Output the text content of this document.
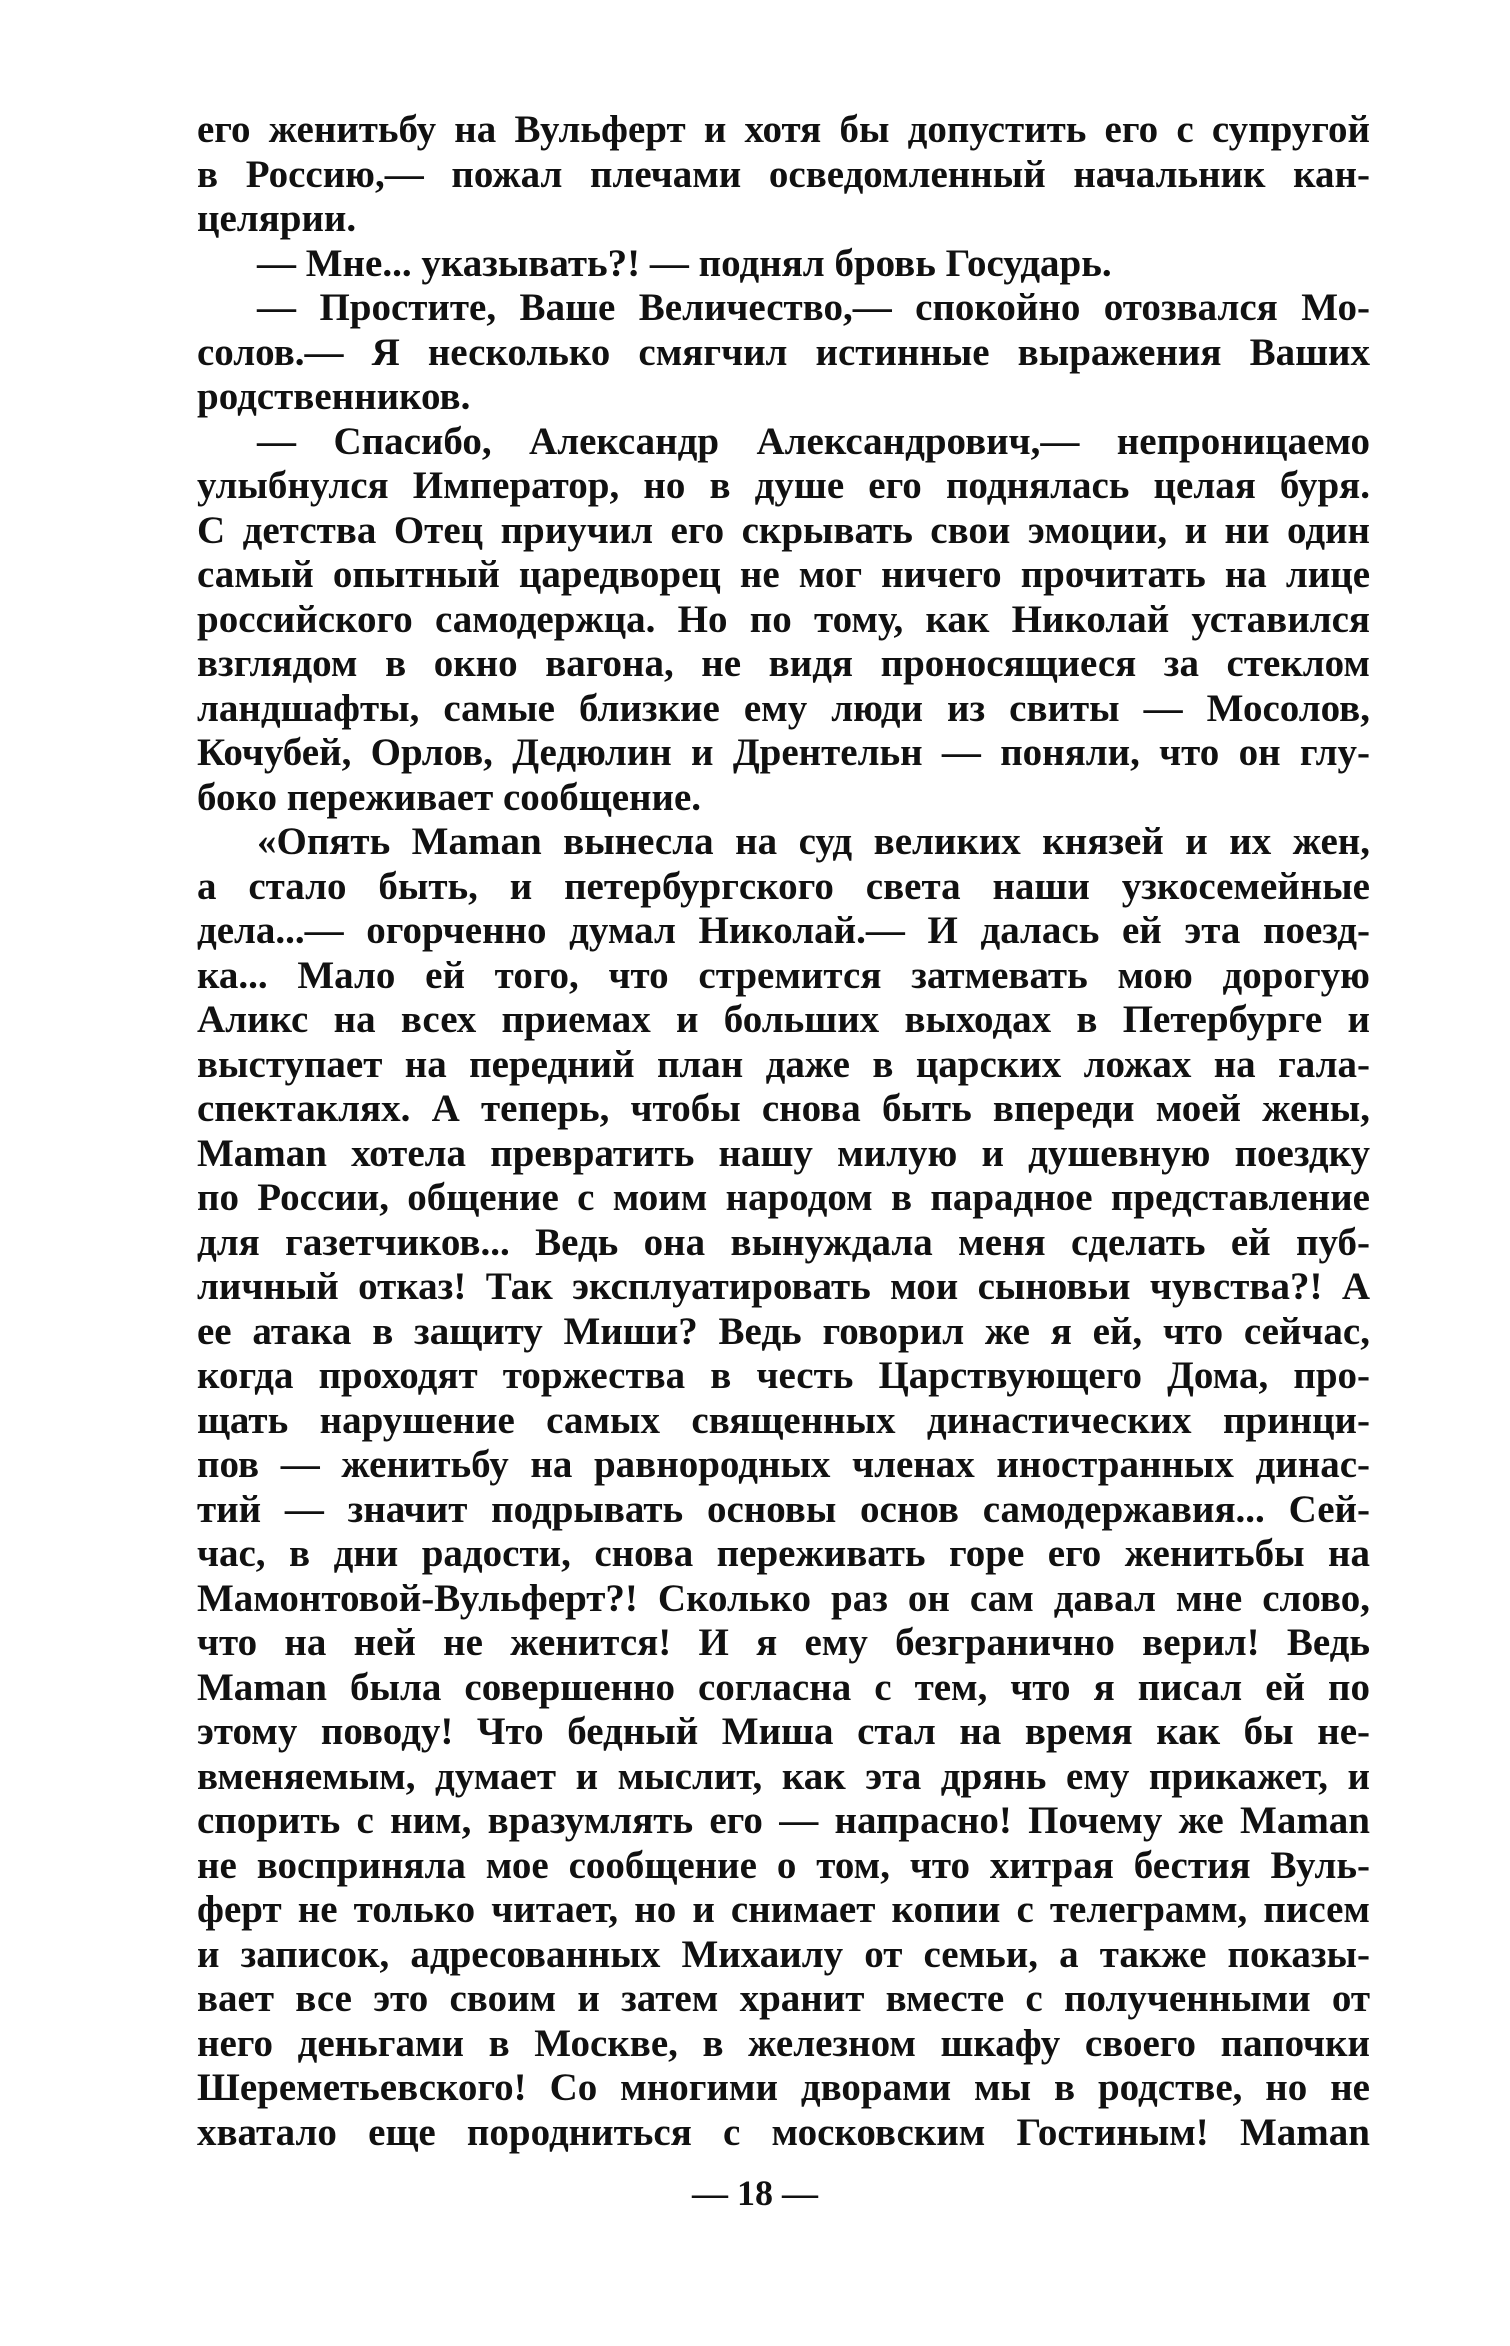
его женитьбу на Вульферт и хотя бы допустить его с супругой
в Россию,— пожал плечами осведомленный начальник кан-
целярии.
— Мне... указывать?! — поднял бровь Государь.
— Простите, Ваше Величество,— спокойно отозвался Мо-
солов.— Я несколько смягчил истинные выражения Ваших
родственников.
— Спасибо, Александр Александрович,— непроницаемо
улыбнулся Император, но в душе его поднялась целая буря.
С детства Отец приучил его скрывать свои эмоции, и ни один
самый опытный царедворец не мог ничего прочитать на лице
российского самодержца. Но по тому, как Николай уставился
взглядом в окно вагона, не видя проносящиеся за стеклом
ландшафты, самые близкие ему люди из свиты — Мосолов,
Кочубей, Орлов, Дедюлин и Дрентельн — поняли, что он глу-
боко переживает сообщение.
«Опять Maman вынесла на суд великих князей и их жен,
а стало быть, и петербургского света наши узкосемейные
дела...— огорченно думал Николай.— И далась ей эта поезд-
ка... Мало ей того, что стремится затмевать мою дорогую
Аликс на всех приемах и больших выходах в Петербурге и
выступает на передний план даже в царских ложах на гала-
спектаклях. А теперь, чтобы снова быть впереди моей жены,
Maman хотела превратить нашу милую и душевную поездку
по России, общение с моим народом в парадное представление
для газетчиков... Ведь она вынуждала меня сделать ей пуб-
личный отказ! Так эксплуатировать мои сыновьи чувства?! А
ее атака в защиту Миши? Ведь говорил же я ей, что сейчас,
когда проходят торжества в честь Царствующего Дома, про-
щать нарушение самых священных династических принци-
пов — женитьбу на равнородных членах иностранных динас-
тий — значит подрывать основы основ самодержавия... Сей-
час, в дни радости, снова переживать горе его женитьбы на
Мамонтовой-Вульферт?! Сколько раз он сам давал мне слово,
что на ней не женится! И я ему безгранично верил! Ведь
Maman была совершенно согласна с тем, что я писал ей по
этому поводу! Что бедный Миша стал на время как бы не-
вменяемым, думает и мыслит, как эта дрянь ему прикажет, и
спорить с ним, вразумлять его — напрасно! Почему же Maman
не восприняла мое сообщение о том, что хитрая бестия Вуль-
ферт не только читает, но и снимает копии с телеграмм, писем
и записок, адресованных Михаилу от семьи, а также показы-
вает все это своим и затем хранит вместе с полученными от
него деньгами в Москве, в железном шкафу своего папочки
Шереметьевского! Со многими дворами мы в родстве, но не
хватало еще породниться с московским Гостиным! Maman
— 18 —
